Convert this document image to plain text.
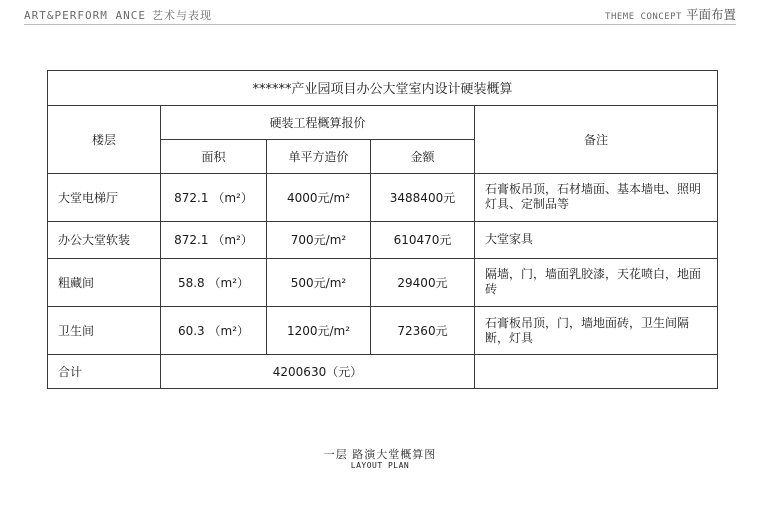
ART&PERFORM ANCE 艺术与表现	THEME CONCEPT 平面布置
******产业园项目办公大堂室内设计硬装概算				
楼层	硬装工程概算报价			备注
	面积	单平方造价	金额	
大堂电梯厅	872.1 （m²）	4000元/m²	3488400元	石膏板吊顶，石材墙面、基本墙电、照明灯具、定制品等
办公大堂软装	872.1 （m²）	700元/m²	610470元	大堂家具
粗藏间	58.8 （m²）	500元/m²	29400元	隔墙，门，墙面乳胶漆，天花喷白，地面砖
卫生间	60.3 （m²）	1200元/m²	72360元	石膏板吊顶，门，墙地面砖，卫生间隔断，灯具
合计	4200630（元）			
一层 路演大堂概算图
LAYOUT PLAN
